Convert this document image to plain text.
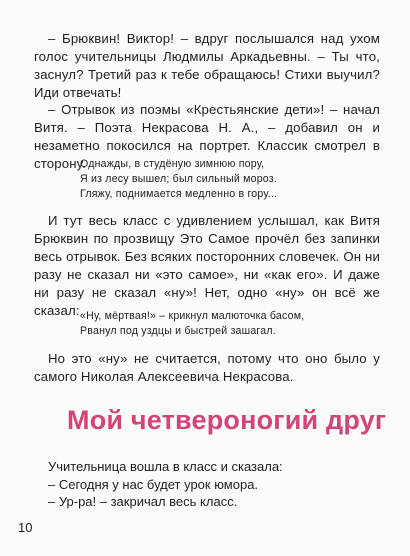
– Брюквин! Виктор! – вдруг послышался над ухом голос учительницы Людмилы Аркадьевны. – Ты что, заснул? Третий раз к тебе обращаюсь! Стихи выучил? Иди отвечать!
– Отрывок из поэмы «Крестьянские дети»! – начал Витя. – Поэта Некрасова Н. А., – добавил он и незаметно покосился на портрет. Классик смотрел в сторону.
Однажды, в студёную зимнюю пору,
Я из лесу вышел; был сильный мороз.
Гляжу, поднимается медленно в гору...
И тут весь класс с удивлением услышал, как Витя Брюквин по прозвищу Это Самое прочёл без запинки весь отрывок. Без всяких посторонних словечек. Он ни разу не сказал ни «это самое», ни «как его». И даже ни разу не сказал «ну»! Нет, одно «ну» он всё же сказал: «Ну, мёртвая!» – крикнул малюточка басом,
Рванул под уздцы и быстрей зашагал.
Но это «ну» не считается, потому что оно было у самого Николая Алексеевича Некрасова.
Мой четвероногий друг
Учительница вошла в класс и сказала:
– Сегодня у нас будет урок юмора.
– Ур-ра! – закричал весь класс.
10
